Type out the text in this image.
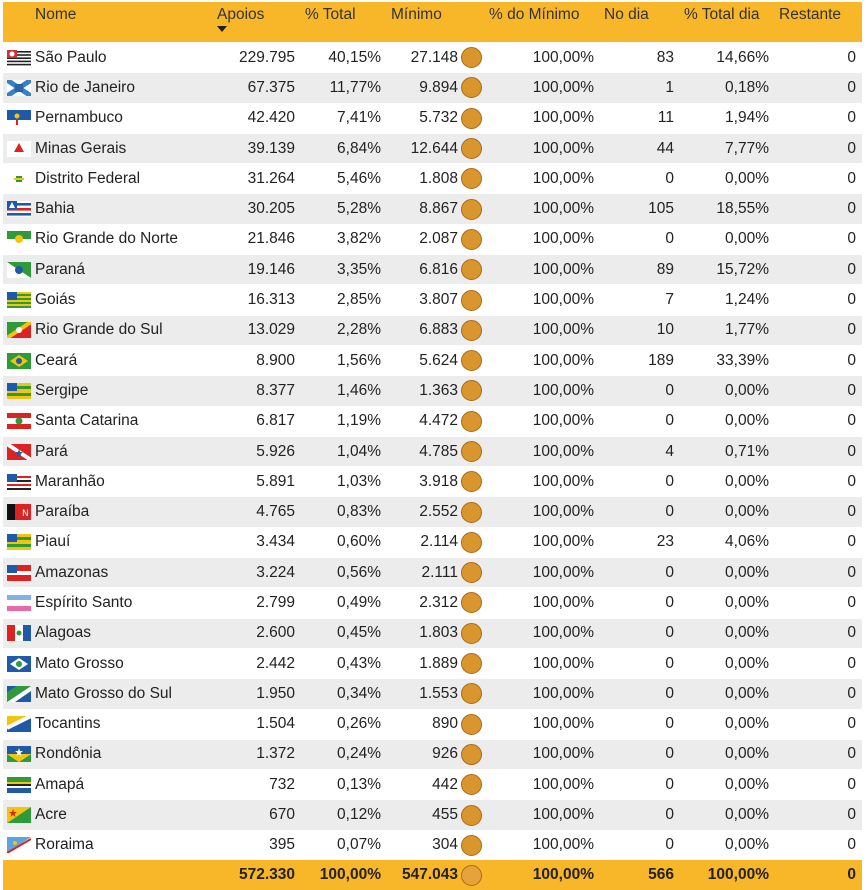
Nome	Apoios	% Total	Mínimo	% do Mínimo	No dia	% Total dia	Restante

São Paulo	229.795	40,15%	27.148	100,00%	83	14,66%	0

Rio de Janeiro	67.375	11,77%	9.894	100,00%	1	0,18%	0

Pernambuco	42.420	7,41%	5.732	100,00%	11	1,94%	0

Minas Gerais	39.139	6,84%	12.644	100,00%	44	7,77%	0

Distrito Federal	31.264	5,46%	1.808	100,00%	0	0,00%	0

Bahia	30.205	5,28%	8.867	100,00%	105	18,55%	0

Rio Grande do Norte	21.846	3,82%	2.087	100,00%	0	0,00%	0

Paraná	19.146	3,35%	6.816	100,00%	89	15,72%	0

Goiás	16.313	2,85%	3.807	100,00%	7	1,24%	0

Rio Grande do Sul	13.029	2,28%	6.883	100,00%	10	1,77%	0

Ceará	8.900	1,56%	5.624	100,00%	189	33,39%	0

Sergipe	8.377	1,46%	1.363	100,00%	0	0,00%	0

Santa Catarina	6.817	1,19%	4.472	100,00%	0	0,00%	0

Pará	5.926	1,04%	4.785	100,00%	4	0,71%	0

Maranhão	5.891	1,03%	3.918	100,00%	0	0,00%	0

N Paraíba	4.765	0,83%	2.552	100,00%	0	0,00%	0

Piauí	3.434	0,60%	2.114	100,00%	23	4,06%	0

Amazonas	3.224	0,56%	2.111	100,00%	0	0,00%	0

Espírito Santo	2.799	0,49%	2.312	100,00%	0	0,00%	0

Alagoas	2.600	0,45%	1.803	100,00%	0	0,00%	0

Mato Grosso	2.442	0,43%	1.889	100,00%	0	0,00%	0

Mato Grosso do Sul	1.950	0,34%	1.553	100,00%	0	0,00%	0

Tocantins	1.504	0,26%	890	100,00%	0	0,00%	0

Rondônia	1.372	0,24%	926	100,00%	0	0,00%	0

Amapá	732	0,13%	442	100,00%	0	0,00%	0

Acre	670	0,12%	455	100,00%	0	0,00%	0

Roraima	395	0,07%	304	100,00%	0	0,00%	0
	572.330	100,00%	547.043	100,00%	566	100,00%	0
